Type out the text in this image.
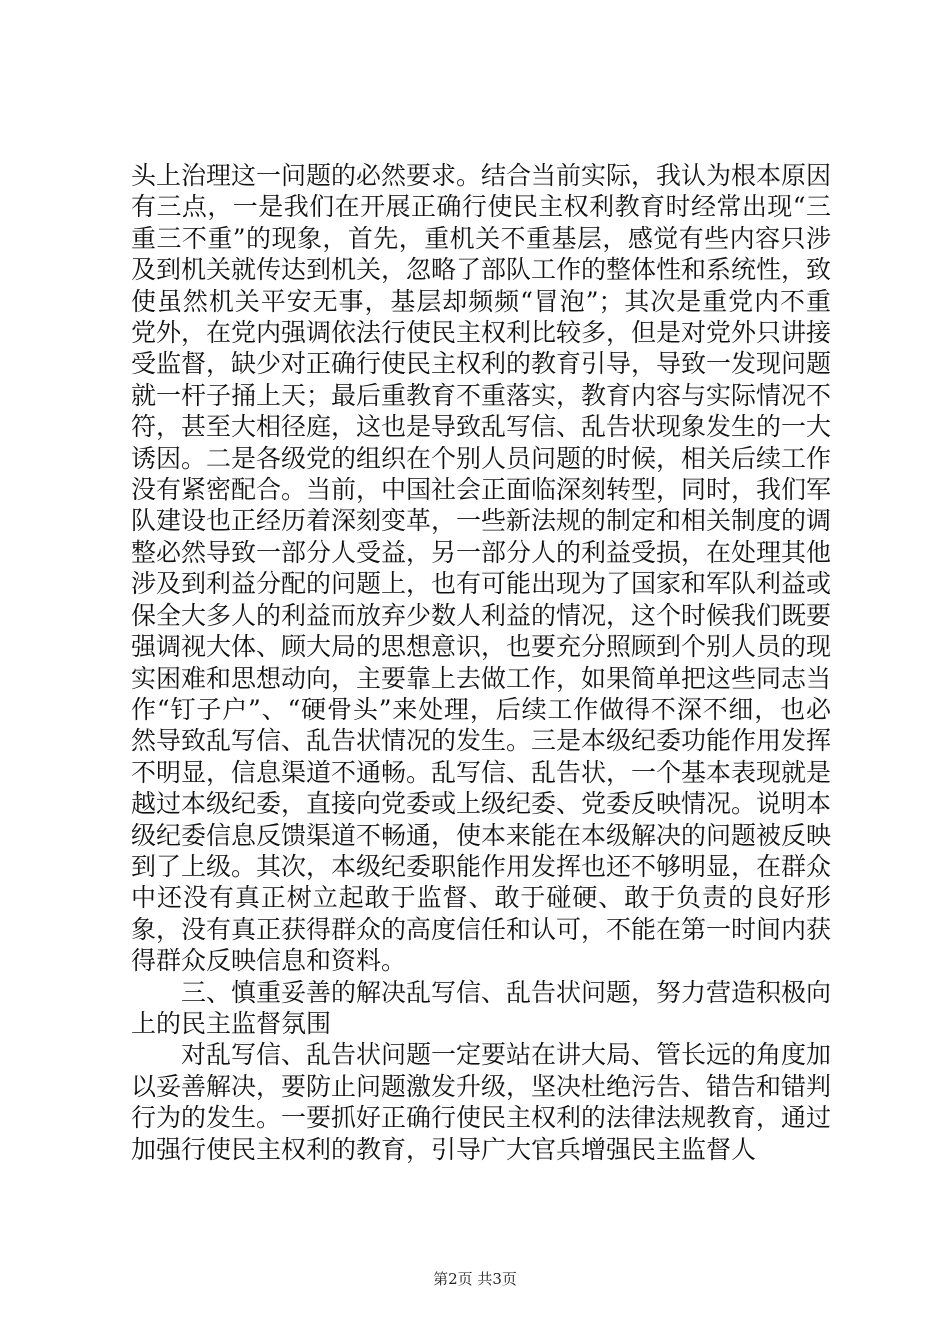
头上治理这一问题的必然要求。结合当前实际，我认为根本原因有三点，一是我们在开展正确行使民主权利教育时经常出现“三重三不重”的现象，首先，重机关不重基层，感觉有些内容只涉及到机关就传达到机关，忽略了部队工作的整体性和系统性，致使虽然机关平安无事，基层却频频“冒泡”；其次是重党内不重党外，在党内强调依法行使民主权利比较多，但是对党外只讲接受监督，缺少对正确行使民主权利的教育引导，导致一发现问题就一杆子捅上天；最后重教育不重落实，教育内容与实际情况不符，甚至大相径庭，这也是导致乱写信、乱告状现象发生的一大诱因。二是各级党的组织在个别人员问题的时候，相关后续工作没有紧密配合。当前，中国社会正面临深刻转型，同时，我们军队建设也正经历着深刻变革，一些新法规的制定和相关制度的调整必然导致一部分人受益，另一部分人的利益受损，在处理其他涉及到利益分配的问题上，也有可能出现为了国家和军队利益或保全大多人的利益而放弃少数人利益的情况，这个时候我们既要强调视大体、顾大局的思想意识，也要充分照顾到个别人员的现实困难和思想动向，主要靠上去做工作，如果简单把这些同志当作“钉子户”、“硬骨头”来处理，后续工作做得不深不细，也必然导致乱写信、乱告状情况的发生。三是本级纪委功能作用发挥不明显，信息渠道不通畅。乱写信、乱告状，一个基本表现就是越过本级纪委，直接向党委或上级纪委、党委反映情况。说明本级纪委信息反馈渠道不畅通，使本来能在本级解决的问题被反映到了上级。其次，本级纪委职能作用发挥也还不够明显，在群众中还没有真正树立起敢于监督、敢于碰硬、敢于负责的良好形象，没有真正获得群众的高度信任和认可，不能在第一时间内获得群众反映信息和资料。

三、慎重妥善的解决乱写信、乱告状问题，努力营造积极向上的民主监督氛围

对乱写信、乱告状问题一定要站在讲大局、管长远的角度加以妥善解决，要防止问题激发升级，坚决杜绝污告、错告和错判行为的发生。一要抓好正确行使民主权利的法律法规教育，通过加强行使民主权利的教育，引导广大官兵增强民主监督人

第2页 共3页
